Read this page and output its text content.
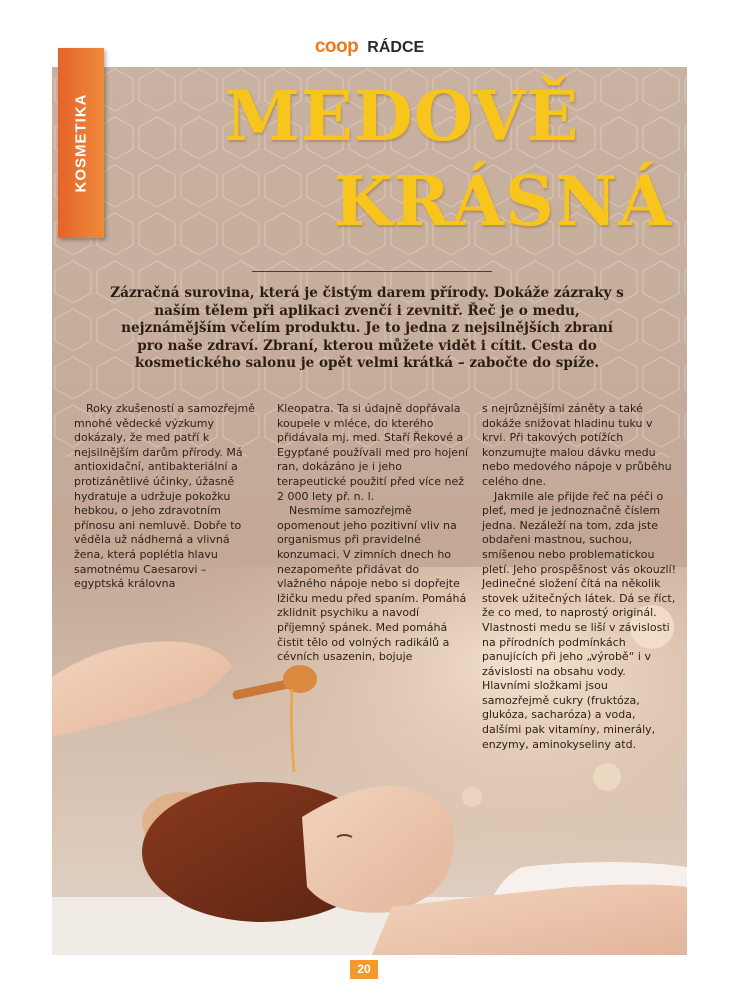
coop RÁDCE
MEDOVĚ
KRÁSNÁ
Zázračná surovina, která je čistým darem přírody. Dokáže zázraky s naším tělem při aplikaci zvenčí i zevnitř. Řeč je o medu, nejznámějším včelím produktu. Je to jedna z nejsilnějších zbraní pro naše zdraví. Zbraní, kterou můžete vidět i cítit. Cesta do kosmetického salonu je opět velmi krátká – zabočte do spíže.

Roky zkušeností a samozřejmě mnohé vědecké výzkumy dokázaly, že med patří k nejsilnějším darům přírody. Má antioxidační, antibakteriální a protizánětlivé účinky, úžasně hydratuje a udržuje pokožku hebkou, o jeho zdravotním přínosu ani nemluvě. Dobře to věděla už nádherná a vlivná žena, která poplétla hlavu samotnému Caesarovi – egyptská královna

Kleopatra. Ta si údajně dopřávala koupele v mléce, do kterého přidávala mj. med. Staří Řekové a Egypťané používali med pro hojení ran, dokázáno je i jeho terapeutické použití před více než 2 000 lety př. n. l.

Nesmíme samozřejmě opomenout jeho pozitivní vliv na organismus při pravidelné konzumaci. V zimních dnech ho nezapomeňte přidávat do vlažného nápoje nebo si dopřejte lžičku medu před spaním. Pomáhá zklidnit psychiku a navodí příjemný spánek. Med pomáhá čistit tělo od volných radikálů a cévních usazenin, bojuje

s nejrůznějšími záněty a také dokáže snižovat hladinu tuku v krvi. Při takových potížích konzumujte malou dávku medu nebo medového nápoje v průběhu celého dne.

Jakmile ale přijde řeč na péči o pleť, med je jednoznačně číslem jedna. Nezáleží na tom, zda jste obdařeni mastnou, suchou, smíšenou nebo problematickou pletí. Jeho prospěšnost vás okouzlí! Jedinečné složení čítá na několik stovek užitečných látek. Dá se říct, že co med, to naprostý originál. Vlastnosti medu se liší v závislosti na přírodních podmínkách panujících při jeho „výrobě“ i v závislosti na obsahu vody. Hlavními složkami jsou samozřejmě cukry (fruktóza, glukóza, sacharóza) a voda, dalšími pak vitamíny, minerály, enzymy, aminokyseliny atd.

KOSMETIKA
20
